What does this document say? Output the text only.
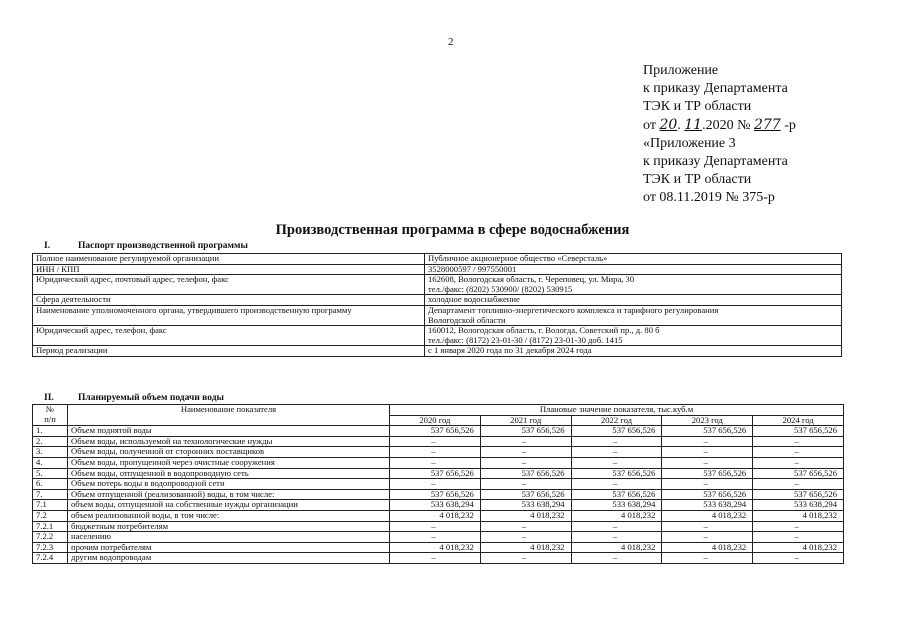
2
Приложение
к приказу Департамента
ТЭК и ТР области
от 20. 11.2020 № 277 -р
«Приложение 3
к приказу Департамента
ТЭК и ТР области
от 08.11.2019 № 375-р
Производственная программа в сфере водоснабжения
I.	Паспорт производственной программы
Полное наименование регулируемой организации	Публичное акционерное общество «Северсталь»

ИНН / КПП	3528000597 / 997550001

Юридический адрес, почтовый адрес, телефон, факс	162608, Вологодская область, г. Череповец, ул. Мира, 30
тел./факс: (8202) 530900/ (8202) 530915

Сфера деятельности	холодное водоснабжение

Наименование уполномоченного органа, утвердившего производственную программу	Департамент топливно-энергетического комплекса и тарифного регулирования
Вологодской области

Юридический адрес, телефон, факс	160012, Вологодская область, г. Вологда, Советский пр., д. 80 б
тел./факс: (8172) 23-01-30 / (8172) 23-01-30 доб. 1415

Период реализации	с 1 января 2020 года по 31 декабря 2024 года
II.	Планируемый объем подачи воды
№
п/п	Наименование показателя	Плановые значение показателя, тыс.куб.м				
		2020 год	2021 год	2022 год	2023 год	2024 год
1.	Объем поднятой воды	537 656,526	537 656,526	537 656,526	537 656,526	537 656,526
2.	Объем воды, используемой на технологические нужды	–	–	–	–	–
3.	Объем воды, полученной от сторонних поставщиков	–	–	–	–	–
4.	Объем воды, пропущенной через очистные сооружения	–	–	–	–	–
5.	Объем воды, отпущенной в водопроводную сеть	537 656,526	537 656,526	537 656,526	537 656,526	537 656,526
6.	Объем потерь воды в водопроводной сети	–	–	–	–	–
7.	Объем отпущенной (реализованной) воды, в том числе:	537 656,526	537 656,526	537 656,526	537 656,526	537 656,526
7.1	объем воды, отпущенной на собственные нужды организации	533 638,294	533 638,294	533 638,294	533 638,294	533 638,294
7.2	объем реализованной воды, в том числе:	4 018,232	4 018,232	4 018,232	4 018,232	4 018,232
7.2.1	бюджетным потребителям	–	–	–	–	–
7.2.2	населению	–	–	–	–	–
7.2.3	прочим потребителям	4 018,232	4 018,232	4 018,232	4 018,232	4 018,232
7.2.4	другим водопроводам	–	–	–	–	–
